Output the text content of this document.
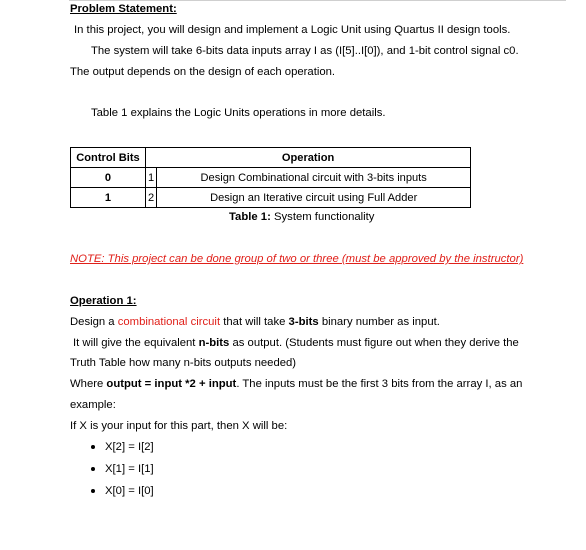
Problem Statement:
In this project, you will design and implement a Logic Unit using Quartus II design tools.
The system will take 6-bits data inputs array I as (I[5]..I[0]), and 1-bit control signal c0.
The output depends on the design of each operation.
Table 1 explains the Logic Units operations in more details.
Control Bits	Operation	
0	1	Design Combinational circuit with 3-bits inputs
1	2	Design an Iterative circuit using Full Adder
Table 1: System functionality
NOTE: This project can be done group of two or three (must be approved by the instructor)
Operation 1:
Design a combinational circuit that will take 3-bits binary number as input.
It will give the equivalent n-bits as output. (Students must figure out when they derive the
Truth Table how many n-bits outputs needed)
Where output = input *2 + input. The inputs must be the first 3 bits from the array I, as an
example:
If X is your input for this part, then X will be:
X[2] = I[2]
X[1] = I[1]
X[0] = I[0]
